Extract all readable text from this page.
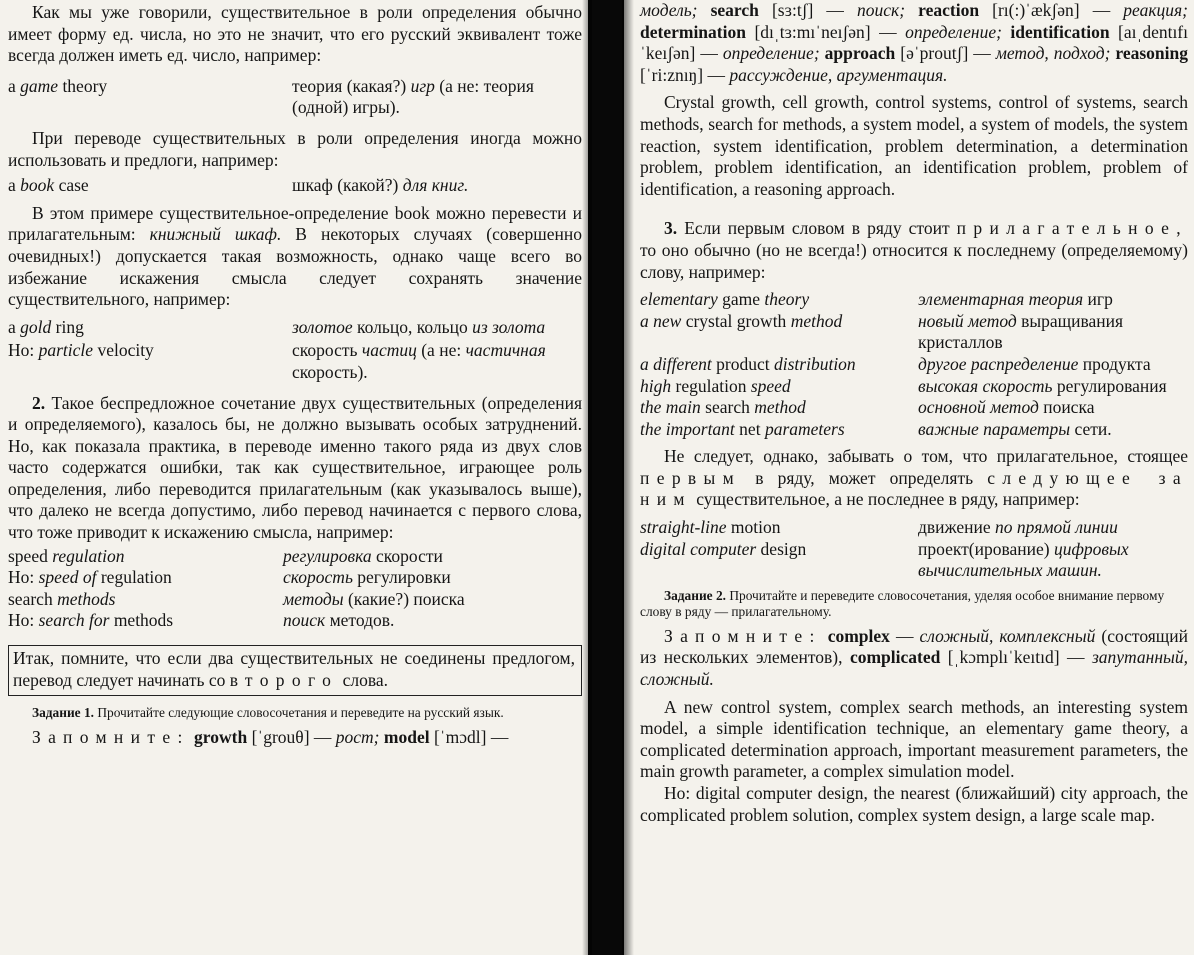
Как мы уже говорили, существительное в роли определения обычно имеет форму ед. числа, но это не значит, что его русский эквивалент тоже всегда должен иметь ед. число, например:

a game theory	теория (какая?) игр (а не: теория (одной) игры).

При переводе существительных в роли определения иногда можно использовать и предлоги, например:

a book case	шкаф (какой?) для книг.

В этом примере существительное-определение book можно перевести и прилагательным: книжный шкаф. В некоторых случаях (совершенно очевидных!) допускается такая возможность, однако чаще всего во избежание искажения смысла следует сохранять значение существительного, например:

a gold ring	золотое кольцо, кольцо из золота
Но: particle velocity	скорость частиц (а не: частичная скорость).

2. Такое беспредложное сочетание двух существительных (определения и определяемого), казалось бы, не должно вызывать особых затруднений. Но, как показала практика, в переводе именно такого ряда из двух слов часто содержатся ошибки, так как существительное, играющее роль определения, либо переводится прилагательным (как указывалось выше), что далеко не всегда допустимо, либо перевод начинается с первого слова, что тоже приводит к искажению смысла, например:

speed regulation	регулировка скорости
Но: speed of regulation	скорость регулировки
search methods	методы (какие?) поиска
Но: search for methods	поиск методов.

Итак, помните, что если два существительных не соединены предлогом, перевод следует начинать со второго слова.

Задание 1. Прочитайте следующие словосочетания и переведите на русский язык.

Запомните: growth [ˈgrouθ] — рост; model [ˈmɔdl] —

модель; search [sɜ:tʃ] — поиск; reaction [rı(:)ˈækʃən] — реакция; determination [dıˌtɜ:mıˈneıʃən] — определение; identification [aıˌdentıfıˈkeıʃən] — определение; approach [əˈproutʃ] — метод, подход; reasoning [ˈri:znıŋ] — рассуждение, аргументация.

Crystal growth, cell growth, control systems, control of systems, search methods, search for methods, a system model, a system of models, the system reaction, system identification, problem determination, a determination problem, problem identification, an identification problem, problem of identification, a reasoning approach.

3. Если первым словом в ряду стоит прилагательное, то оно обычно (но не всегда!) относится к последнему (определяемому) слову, например:

elementary game theory	элементарная теория игр
a new crystal growth method	новый метод выращивания кристаллов
a different product distribution	другое распределение продукта
high regulation speed	высокая скорость регулирования
the main search method	основной метод поиска
the important net parameters	важные параметры сети.

Не следует, однако, забывать о том, что прилагательное, стоящее первым в ряду, может определять следующее за ним существительное, а не последнее в ряду, например:

straight-line motion	движение по прямой линии
digital computer design	проект(ирование) цифровых вычислительных машин.

Задание 2. Прочитайте и переведите словосочетания, уделяя особое внимание первому слову в ряду — прилагательному.

Запомните: complex — сложный, комплексный (состоящий из нескольких элементов), complicated [ˌkɔmplıˈkeıtıd] — запутанный, сложный.

A new control system, complex search methods, an interesting system model, a simple identification technique, an elementary game theory, a complicated determination approach, important measurement parameters, the main growth parameter, a complex simulation model.

Но: digital computer design, the nearest (ближайший) city approach, the complicated problem solution, complex system design, a large scale map.
